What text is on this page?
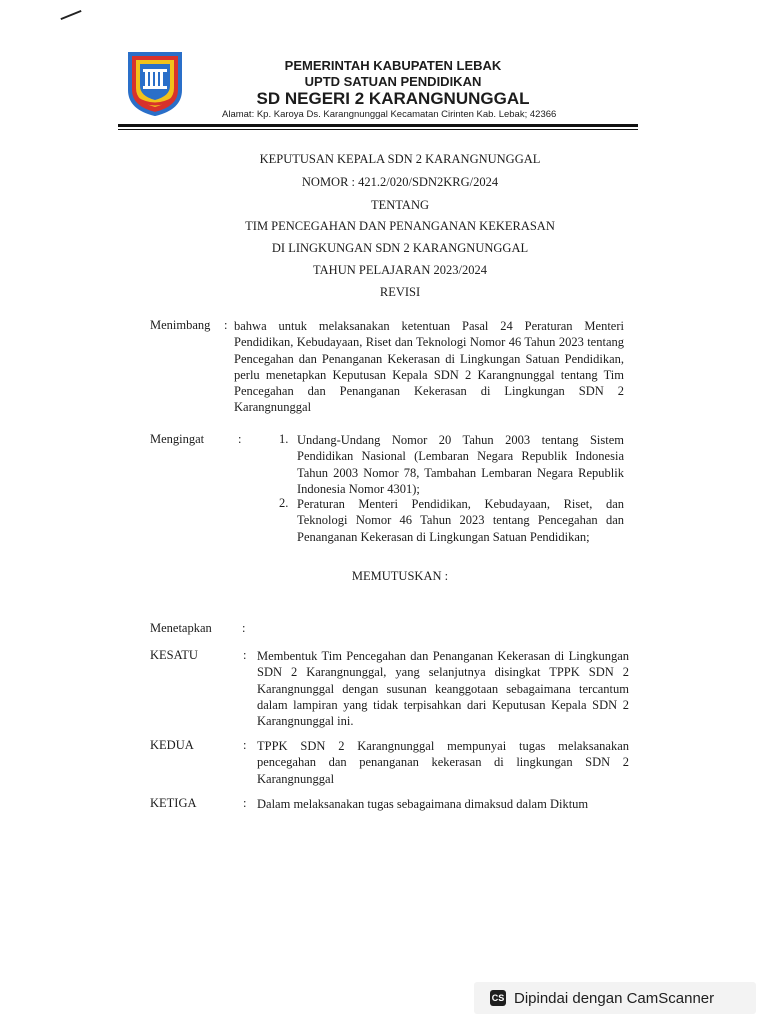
PEMERINTAH KABUPATEN LEBAK
UPTD SATUAN PENDIDIKAN
SD NEGERI 2 KARANGNUNGGAL
Alamat: Kp. Karoya Ds. Karangnunggal Kecamatan Cirinten Kab. Lebak; 42366
KEPUTUSAN KEPALA SDN 2 KARANGNUNGGAL
NOMOR : 421.2/020/SDN2KRG/2024
TENTANG
TIM PENCEGAHAN DAN PENANGANAN KEKERASAN
DI LINGKUNGAN SDN 2 KARANGNUNGGAL
TAHUN PELAJARAN 2023/2024
REVISI
Menimbang : bahwa untuk melaksanakan ketentuan Pasal 24 Peraturan Menteri Pendidikan, Kebudayaan, Riset dan Teknologi Nomor 46 Tahun 2023 tentang Pencegahan dan Penanganan Kekerasan di Lingkungan Satuan Pendidikan, perlu menetapkan Keputusan Kepala SDN 2 Karangnunggal tentang Tim Pencegahan dan Penanganan Kekerasan di Lingkungan SDN 2 Karangnunggal
Mengingat	:	1. Undang-Undang Nomor 20 Tahun 2003 tentang Sistem Pendidikan Nasional (Lembaran Negara Republik Indonesia Tahun 2003 Nomor 78, Tambahan Lembaran Negara Republik Indonesia Nomor 4301);
2. Peraturan Menteri Pendidikan, Kebudayaan, Riset, dan Teknologi Nomor 46 Tahun 2023 tentang Pencegahan dan Penanganan Kekerasan di Lingkungan Satuan Pendidikan;
MEMUTUSKAN :
Menetapkan :
KESATU	: Membentuk Tim Pencegahan dan Penanganan Kekerasan di Lingkungan SDN 2 Karangnunggal, yang selanjutnya disingkat TPPK SDN 2 Karangnunggal dengan susunan keanggotaan sebagaimana tercantum dalam lampiran yang tidak terpisahkan dari Keputusan Kepala SDN 2 Karangnunggal ini.
KEDUA	: TPPK SDN 2 Karangnunggal mempunyai tugas melaksanakan pencegahan dan penanganan kekerasan di lingkungan SDN 2 Karangnunggal
KETIGA	: Dalam melaksanakan tugas sebagaimana dimaksud dalam Diktum
CS Dipindai dengan CamScanner
